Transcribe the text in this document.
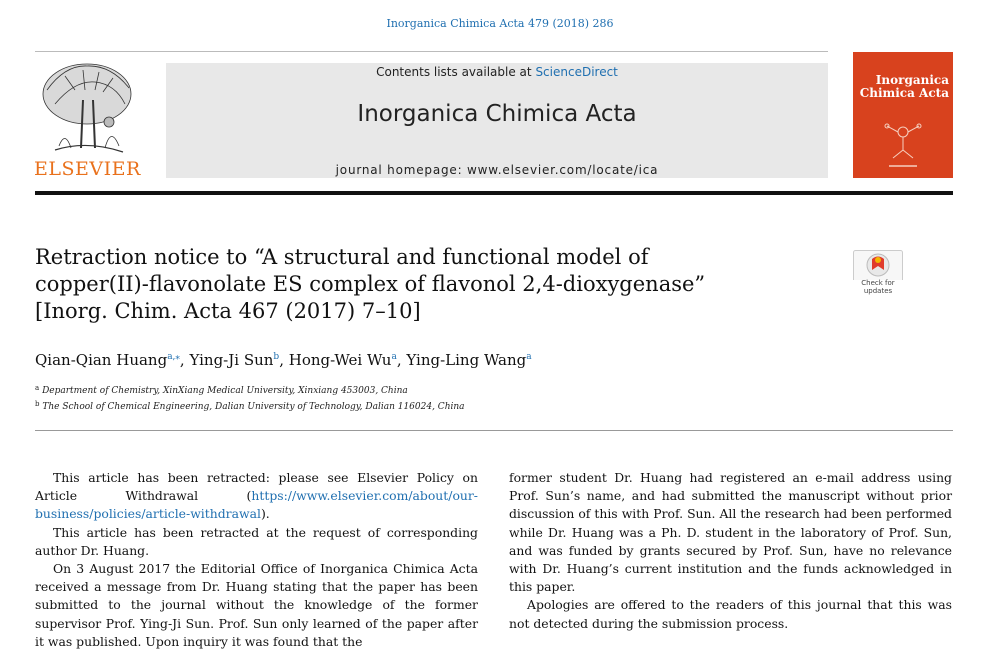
Inorganica Chimica Acta 479 (2018) 286
ELSEVIER
Contents lists available at ScienceDirect
Inorganica Chimica Acta
journal homepage: www.elsevier.com/locate/ica
Inorganica
Chimica Acta
Retraction notice to “A structural and functional model of
copper(II)-flavonolate ES complex of flavonol 2,4-dioxygenase”
[Inorg. Chim. Acta 467 (2017) 7–10]
Check for
updates
Qian-Qian Huang$^{a,⁎}$, Ying-Ji Sun$^b$, Hong-Wei Wu$^a$, Ying-Ling Wang$^a$
$^a$ Department of Chemistry, XinXiang Medical University, Xinxiang 453003, China
$^b$ The School of Chemical Engineering, Dalian University of Technology, Dalian 116024, China

This article has been retracted: please see Elsevier Policy on Article Withdrawal (https://www.elsevier.com/about/our-business/policies/article-withdrawal).

This article has been retracted at the request of corresponding author Dr. Huang.

On 3 August 2017 the Editorial Office of Inorganica Chimica Acta received a message from Dr. Huang stating that the paper has been submitted to the journal without the knowledge of the former supervisor Prof. Ying-Ji Sun. Prof. Sun only learned of the paper after it was published. Upon inquiry it was found that the

former student Dr. Huang had registered an e-mail address using Prof. Sun’s name, and had submitted the manuscript without prior discussion of this with Prof. Sun. All the research had been performed while Dr. Huang was a Ph. D. student in the laboratory of Prof. Sun, and was funded by grants secured by Prof. Sun, have no relevance with Dr. Huang’s current institution and the funds acknowledged in this paper.

Apologies are offered to the readers of this journal that this was not detected during the submission process.
